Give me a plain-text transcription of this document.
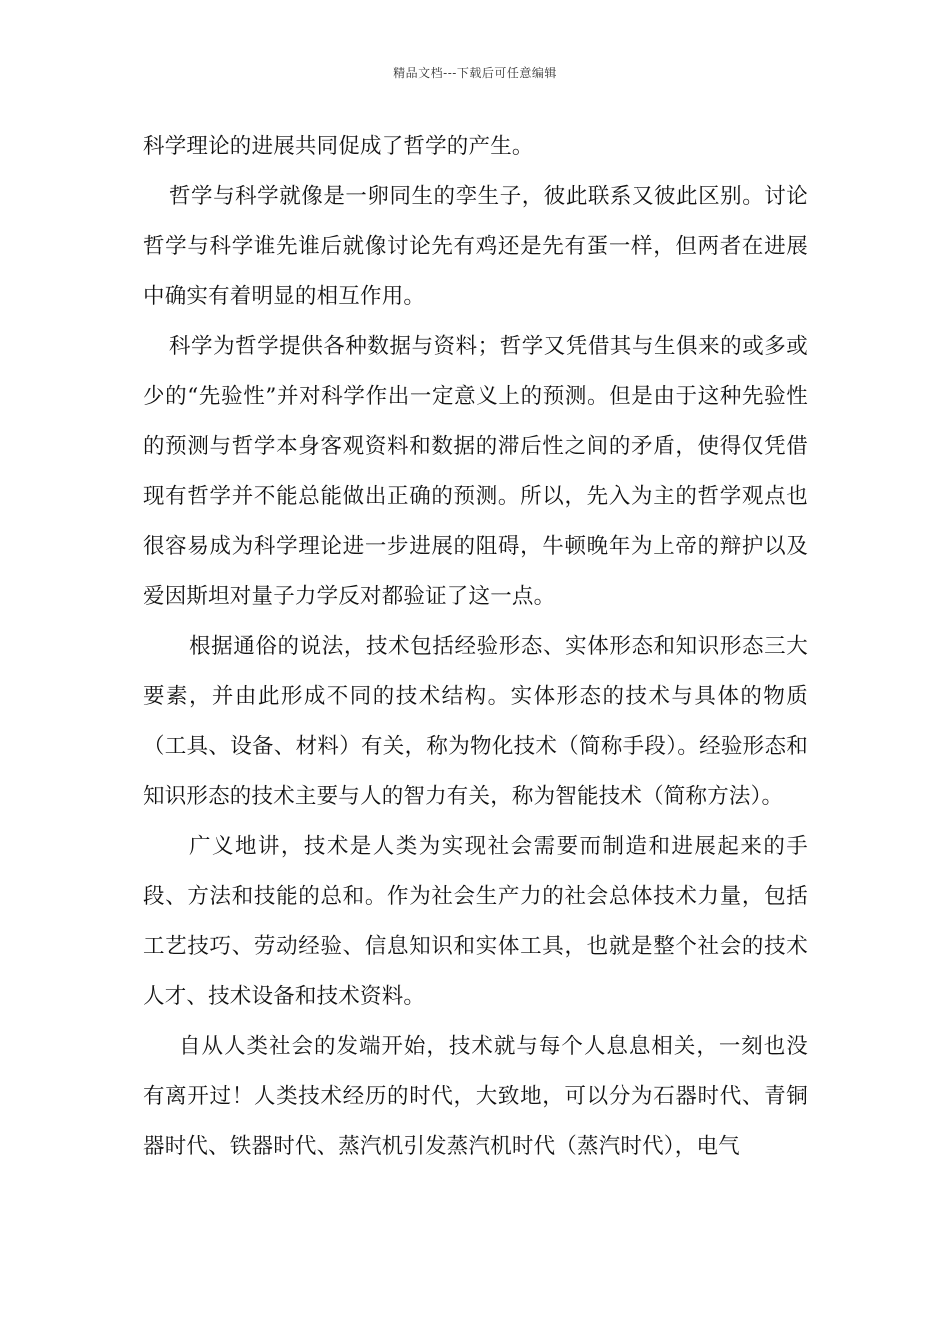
精品文档---下载后可任意编辑

科学理论的进展共同促成了哲学的产生。

哲学与科学就像是一卵同生的孪生子，彼此联系又彼此区别。讨论哲学与科学谁先谁后就像讨论先有鸡还是先有蛋一样，但两者在进展中确实有着明显的相互作用。

科学为哲学提供各种数据与资料；哲学又凭借其与生俱来的或多或少的“先验性”并对科学作出一定意义上的预测。但是由于这种先验性的预测与哲学本身客观资料和数据的滞后性之间的矛盾，使得仅凭借现有哲学并不能总能做出正确的预测。所以，先入为主的哲学观点也很容易成为科学理论进一步进展的阻碍，牛顿晚年为上帝的辩护以及爱因斯坦对量子力学反对都验证了这一点。

根据通俗的说法，技术包括经验形态、实体形态和知识形态三大要素，并由此形成不同的技术结构。实体形态的技术与具体的物质（工具、设备、材料）有关，称为物化技术（简称手段）。经验形态和知识形态的技术主要与人的智力有关，称为智能技术（简称方法）。

广义地讲，技术是人类为实现社会需要而制造和进展起来的手段、方法和技能的总和。作为社会生产力的社会总体技术力量，包括工艺技巧、劳动经验、信息知识和实体工具，也就是整个社会的技术人才、技术设备和技术资料。

自从人类社会的发端开始，技术就与每个人息息相关，一刻也没有离开过！人类技术经历的时代，大致地，可以分为石器时代、青铜器时代、铁器时代、蒸汽机引发蒸汽机时代（蒸汽时代），电气
